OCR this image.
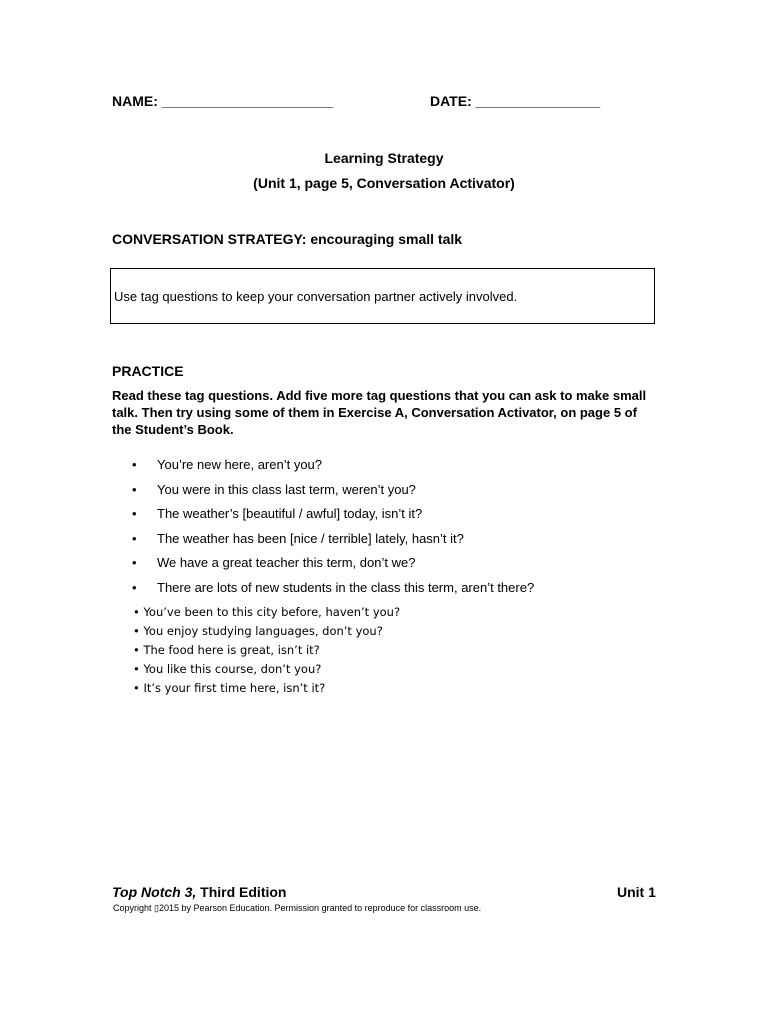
NAME: ______________________	DATE: ________________
Learning Strategy
(Unit 1, page 5, Conversation Activator)
CONVERSATION STRATEGY: encouraging small talk
Use tag questions to keep your conversation partner actively involved.
PRACTICE
Read these tag questions. Add five more tag questions that you can ask to make small talk. Then try using some of them in Exercise A, Conversation Activator, on page 5 of the Student’s Book.
• You’re new here, aren’t you?
• You were in this class last term, weren’t you?
• The weather’s [beautiful / awful] today, isn’t it?
• The weather has been [nice / terrible] lately, hasn’t it?
• We have a great teacher this term, don’t we?
• There are lots of new students in the class this term, aren’t there?
• You’ve been to this city before, haven’t you?
• You enjoy studying languages, don’t you?
• The food here is great, isn’t it?
• You like this course, don’t you?
• It’s your first time here, isn’t it?
Top Notch 3, Third Edition	Unit 1
Copyright ▯2015 by Pearson Education. Permission granted to reproduce for classroom use.
